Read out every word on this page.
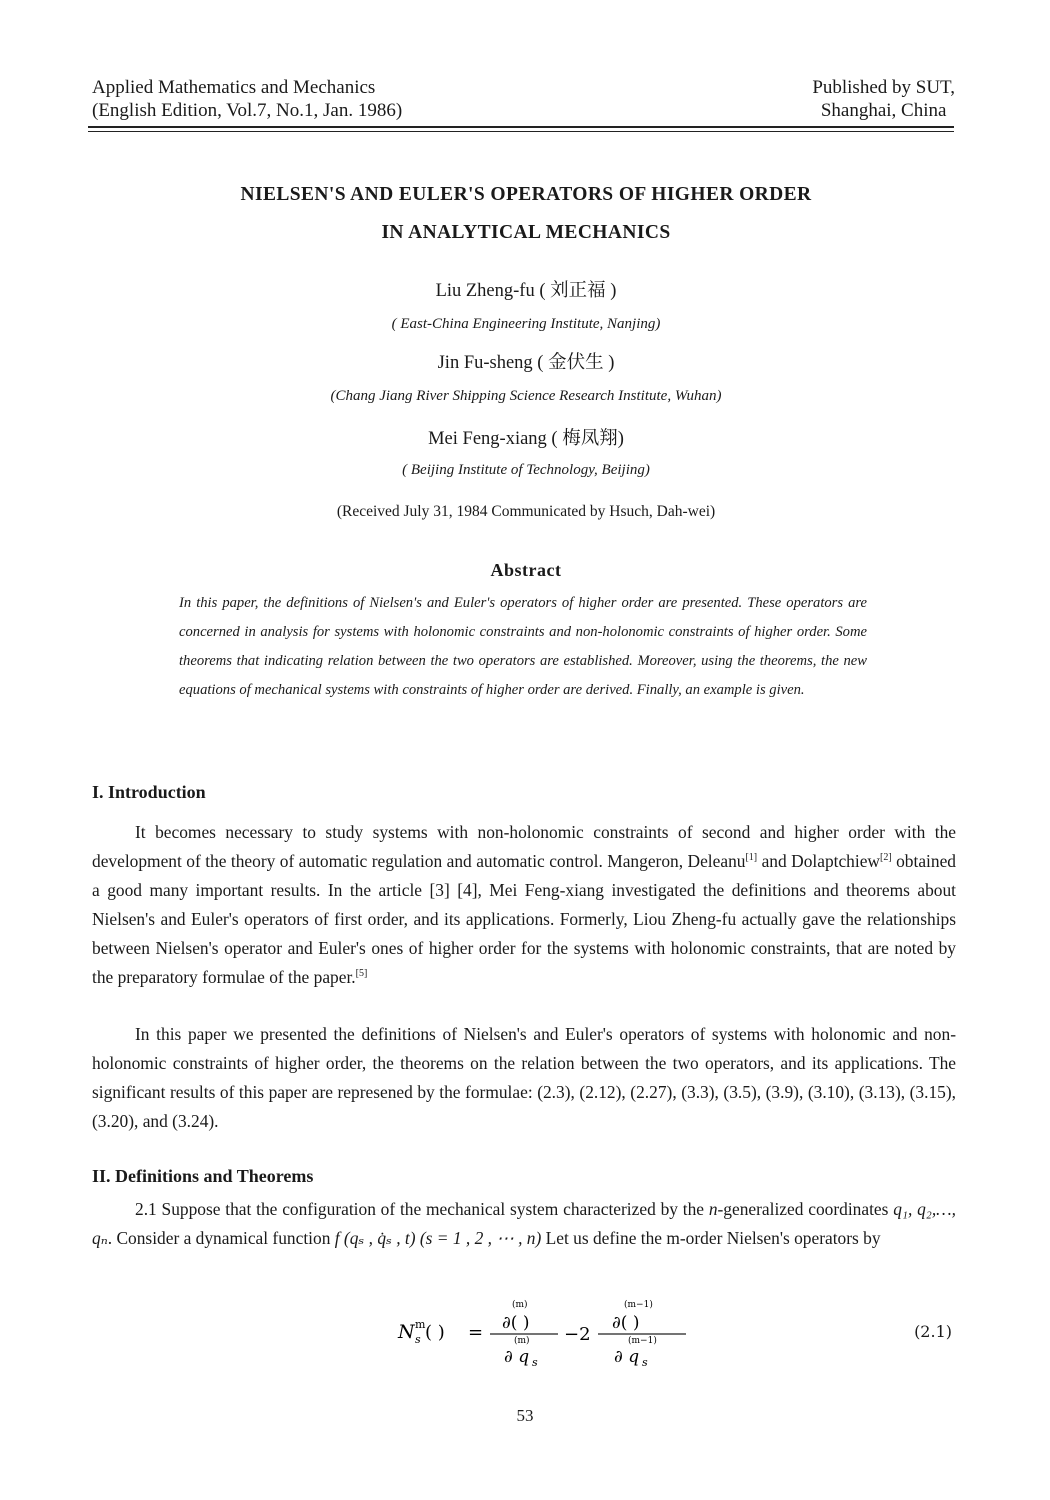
Applied Mathematics and Mechanics
(English Edition, Vol.7, No.1, Jan. 1986)
Published by SUT,
Shanghai, China
NIELSEN'S AND EULER'S OPERATORS OF HIGHER ORDER
IN ANALYTICAL MECHANICS
Liu Zheng-fu ( 刘正福 )
( East-China Engineering Institute, Nanjing)
Jin Fu-sheng ( 金伏生 )
(Chang Jiang River Shipping Science Research Institute, Wuhan)
Mei Feng-xiang ( 梅凤翔)
( Beijing Institute of Technology, Beijing)
(Received July 31, 1984 Communicated by Hsuch, Dah-wei)
Abstract
In this paper, the definitions of Nielsen's and Euler's operators of higher order are presented. These operators are concerned in analysis for systems with holonomic constraints and non-holonomic constraints of higher order. Some theorems that indicating relation between the two operators are established. Moreover, using the theorems, the new equations of mechanical systems with constraints of higher order are derived. Finally, an example is given.
I. Introduction
It becomes necessary to study systems with non-holonomic constraints of second and higher order with the development of the theory of automatic regulation and automatic control. Mangeron, Deleanu[1] and Dolaptchiew[2] obtained a good many important results. In the article [3] [4], Mei Feng-xiang investigated the definitions and theorems about Nielsen's and Euler's operators of first order, and its applications. Formerly, Liou Zheng-fu actually gave the relationships between Nielsen's operator and Euler's ones of higher order for the systems with holonomic constraints, that are noted by the preparatory formulae of the paper.[5]
In this paper we presented the definitions of Nielsen's and Euler's operators of systems with holonomic and non-holonomic constraints of higher order, the theorems on the relation between the two operators, and its applications. The significant results of this paper are represened by the formulae: (2.3), (2.12), (2.27), (3.3), (3.5), (3.9), (3.10), (3.13), (3.15), (3.20), and (3.24).
II. Definitions and Theorems
2.1 Suppose that the configuration of the mechanical system characterized by the n-generalized coordinates q₁, q₂,…, qₙ. Consider a dynamical function f (qₛ , q̇ₛ , t) (s = 1 , 2 , ⋯ , n) Let us define the m-order Nielsen's operators by
N m
s ( ) =
(m)
∂( )
(m)
∂ q s
−2
(m−1)
∂( )
(m−1)
∂ q s
(2.1)
53
